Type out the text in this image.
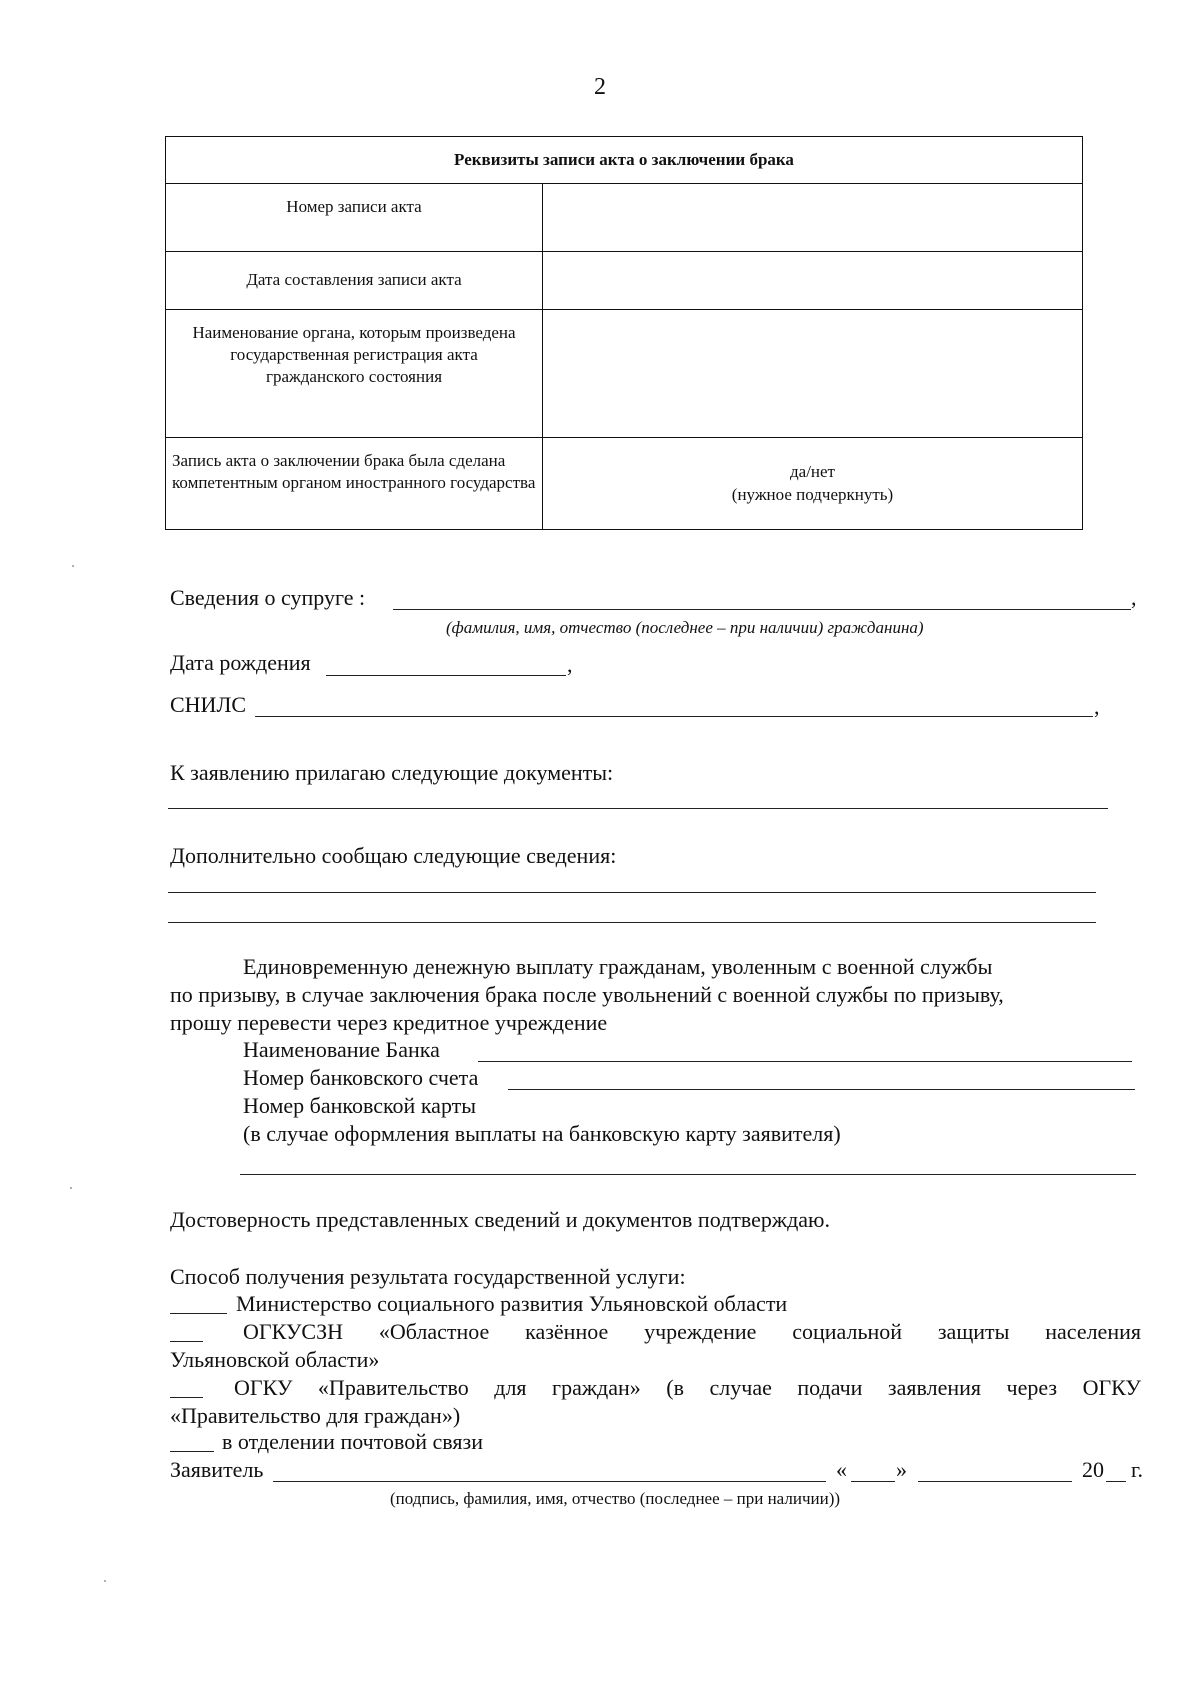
2
Реквизиты записи акта о заключении брака	
Номер записи акта	
Дата составления записи акта	
Наименование органа, которым произведена государственная регистрация акта гражданского состояния	
Запись акта о заключении брака была сделана компетентным органом иностранного государства	да/нет
(нужное подчеркнуть)
Сведения о супруге :	,
(фамилия, имя, отчество (последнее – при наличии) гражданина)
Дата рождения	,
СНИЛС	,
К заявлению прилагаю следующие документы:
Дополнительно сообщаю следующие сведения:
Единовременную денежную выплату гражданам, уволенным с военной службы
по призыву, в случае заключения брака после увольнений с военной службы по призыву,
прошу перевести через кредитное учреждение
Наименование Банка
Номер банковского счета
Номер банковской карты
(в случае оформления выплаты на банковскую карту заявителя)
Достоверность представленных сведений и документов подтверждаю.
Способ получения результата государственной услуги:
Министерство социального развития Ульяновской области
ОГКУСЗН «Областное казённое учреждение социальной защиты населения
Ульяновской области»
ОГКУ «Правительство для граждан» (в случае подачи заявления через ОГКУ
«Правительство для граждан»)
в отделении почтовой связи
Заявитель	« »	20 г.
(подпись, фамилия, имя, отчество (последнее – при наличии))
